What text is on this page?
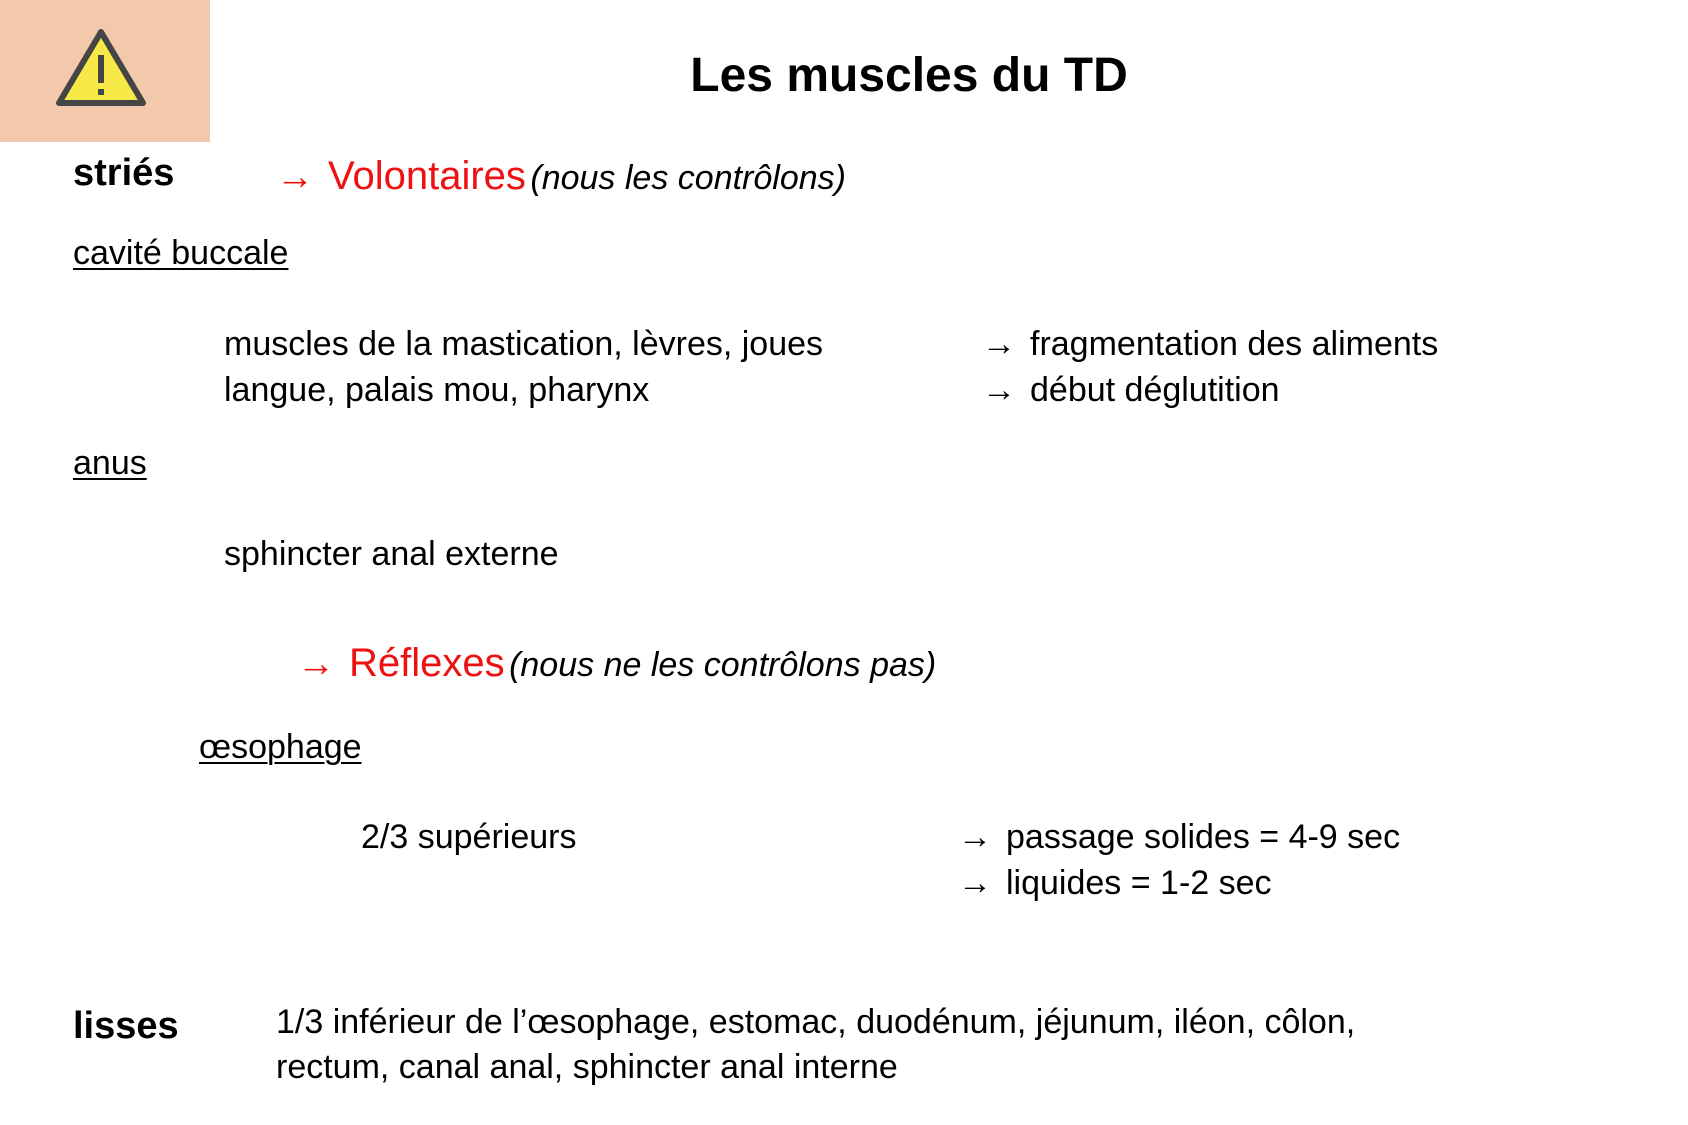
Les muscles du TD
striés	→ Volontaires (nous les contrôlons)
cavité buccale
muscles de la mastication, lèvres, joues	→ fragmentation des aliments
langue, palais mou, pharynx	→ début déglutition
anus
sphincter anal externe
→ Réflexes (nous ne les contrôlons pas)
œsophage
2/3 supérieurs	→ passage solides = 4-9 sec
→ liquides = 1-2 sec
lisses	1/3 inférieur de l’œsophage, estomac, duodénum, jéjunum, iléon, côlon,
rectum, canal anal, sphincter anal interne
